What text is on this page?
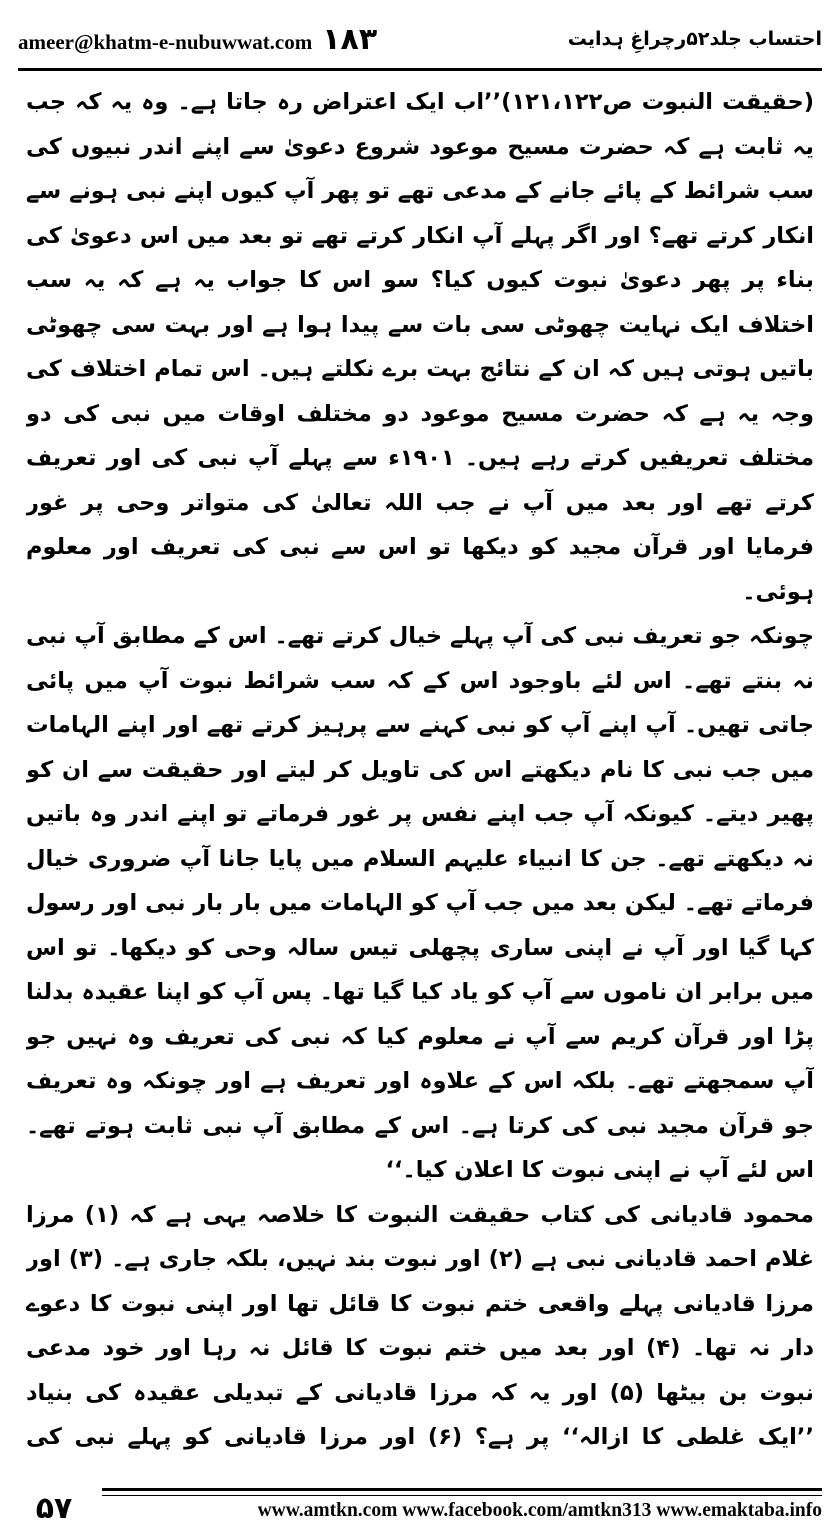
ameer@khatm-e-nubuwwat.com ۱۸۳	احتساب جلد۵۲رچراغِ ہدایت

(حقیقت النبوت ص۱۲۱،۱۲۲)’’اب ایک اعتراض رہ جاتا ہے۔ وہ یہ کہ جب یہ ثابت ہے کہ حضرت مسیح موعود شروع دعویٰ سے اپنے اندر نبیوں کی سب شرائط کے پائے جانے کے مدعی تھے تو پھر آپ کیوں اپنے نبی ہونے سے انکار کرتے تھے؟ اور اگر پہلے آپ انکار کرتے تھے تو بعد میں اس دعویٰ کی بناء پر پھر دعویٰ نبوت کیوں کیا؟ سو اس کا جواب یہ ہے کہ یہ سب اختلاف ایک نہایت چھوٹی سی بات سے پیدا ہوا ہے اور بہت سی چھوٹی باتیں ہوتی ہیں کہ ان کے نتائج بہت برے نکلتے ہیں۔ اس تمام اختلاف کی وجہ یہ ہے کہ حضرت مسیح موعود دو مختلف اوقات میں نبی کی دو مختلف تعریفیں کرتے رہے ہیں۔ ۱۹۰۱ء سے پہلے آپ نبی کی اور تعریف کرتے تھے اور بعد میں آپ نے جب اللہ تعالیٰ کی متواتر وحی پر غور فرمایا اور قرآن مجید کو دیکھا تو اس سے نبی کی تعریف اور معلوم ہوئی۔

چونکہ جو تعریف نبی کی آپ پہلے خیال کرتے تھے۔ اس کے مطابق آپ نبی نہ بنتے تھے۔ اس لئے باوجود اس کے کہ سب شرائط نبوت آپ میں پائی جاتی تھیں۔ آپ اپنے آپ کو نبی کہنے سے پرہیز کرتے تھے اور اپنے الہامات میں جب نبی کا نام دیکھتے اس کی تاویل کر لیتے اور حقیقت سے ان کو پھیر دیتے۔ کیونکہ آپ جب اپنے نفس پر غور فرماتے تو اپنے اندر وہ باتیں نہ دیکھتے تھے۔ جن کا انبیاء علیہم السلام میں پایا جانا آپ ضروری خیال فرماتے تھے۔ لیکن بعد میں جب آپ کو الہامات میں بار بار نبی اور رسول کہا گیا اور آپ نے اپنی ساری پچھلی تیس سالہ وحی کو دیکھا۔ تو اس میں برابر ان ناموں سے آپ کو یاد کیا گیا تھا۔ پس آپ کو اپنا عقیدہ بدلنا پڑا اور قرآن کریم سے آپ نے معلوم کیا کہ نبی کی تعریف وہ نہیں جو آپ سمجھتے تھے۔ بلکہ اس کے علاوہ اور تعریف ہے اور چونکہ وہ تعریف جو قرآن مجید نبی کی کرتا ہے۔ اس کے مطابق آپ نبی ثابت ہوتے تھے۔ اس لئے آپ نے اپنی نبوت کا اعلان کیا۔‘‘

محمود قادیانی کی کتاب حقیقت النبوت کا خلاصہ یہی ہے کہ (۱) مرزا غلام احمد قادیانی نبی ہے (۲) اور نبوت بند نہیں، بلکہ جاری ہے۔ (۳) اور مرزا قادیانی پہلے واقعی ختم نبوت کا قائل تھا اور اپنی نبوت کا دعوے دار نہ تھا۔ (۴) اور بعد میں ختم نبوت کا قائل نہ رہا اور خود مدعی نبوت بن بیٹھا (۵) اور یہ کہ مرزا قادیانی کے تبدیلی عقیدہ کی بنیاد ’’ایک غلطی کا ازالہ‘‘ پر ہے؟ (۶) اور مرزا قادیانی کو پہلے نبی کی

۵۷	www.amtkn.com www.facebook.com/amtkn313 www.emaktaba.info
